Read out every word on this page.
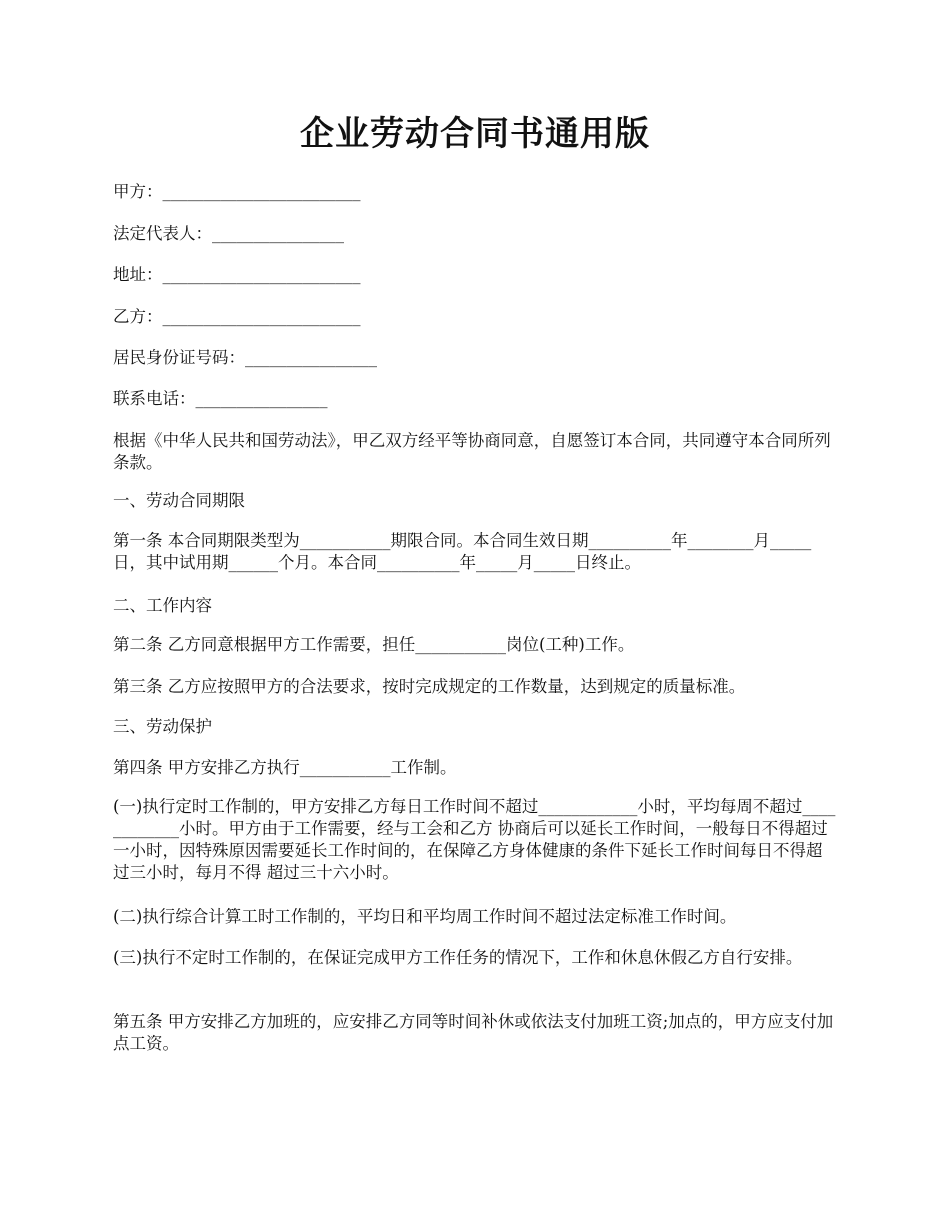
企业劳动合同书通用版

甲方：________________________

法定代表人：________________

地址：________________________

乙方：________________________

居民身份证号码：________________

联系电话：________________

根据《中华人民共和国劳动法》，甲乙双方经平等协商同意，自愿签订本合同，共同遵守本合同所列条款。

一、劳动合同期限

第一条 本合同期限类型为___________期限合同。本合同生效日期__________年________月_____日，其中试用期______个月。本合同__________年_____月_____日终止。

二、工作内容

第二条 乙方同意根据甲方工作需要，担任___________岗位(工种)工作。

第三条 乙方应按照甲方的合法要求，按时完成规定的工作数量，达到规定的质量标准。

三、劳动保护

第四条 甲方安排乙方执行___________工作制。

(一)执行定时工作制的，甲方安排乙方每日工作时间不超过____________小时，平均每周不超过____________小时。甲方由于工作需要，经与工会和乙方 协商后可以延长工作时间，一般每日不得超过一小时，因特殊原因需要延长工作时间的，在保障乙方身体健康的条件下延长工作时间每日不得超过三小时，每月不得 超过三十六小时。

(二)执行综合计算工时工作制的，平均日和平均周工作时间不超过法定标准工作时间。

(三)执行不定时工作制的，在保证完成甲方工作任务的情况下，工作和休息休假乙方自行安排。

第五条 甲方安排乙方加班的，应安排乙方同等时间补休或依法支付加班工资;加点的，甲方应支付加点工资。
